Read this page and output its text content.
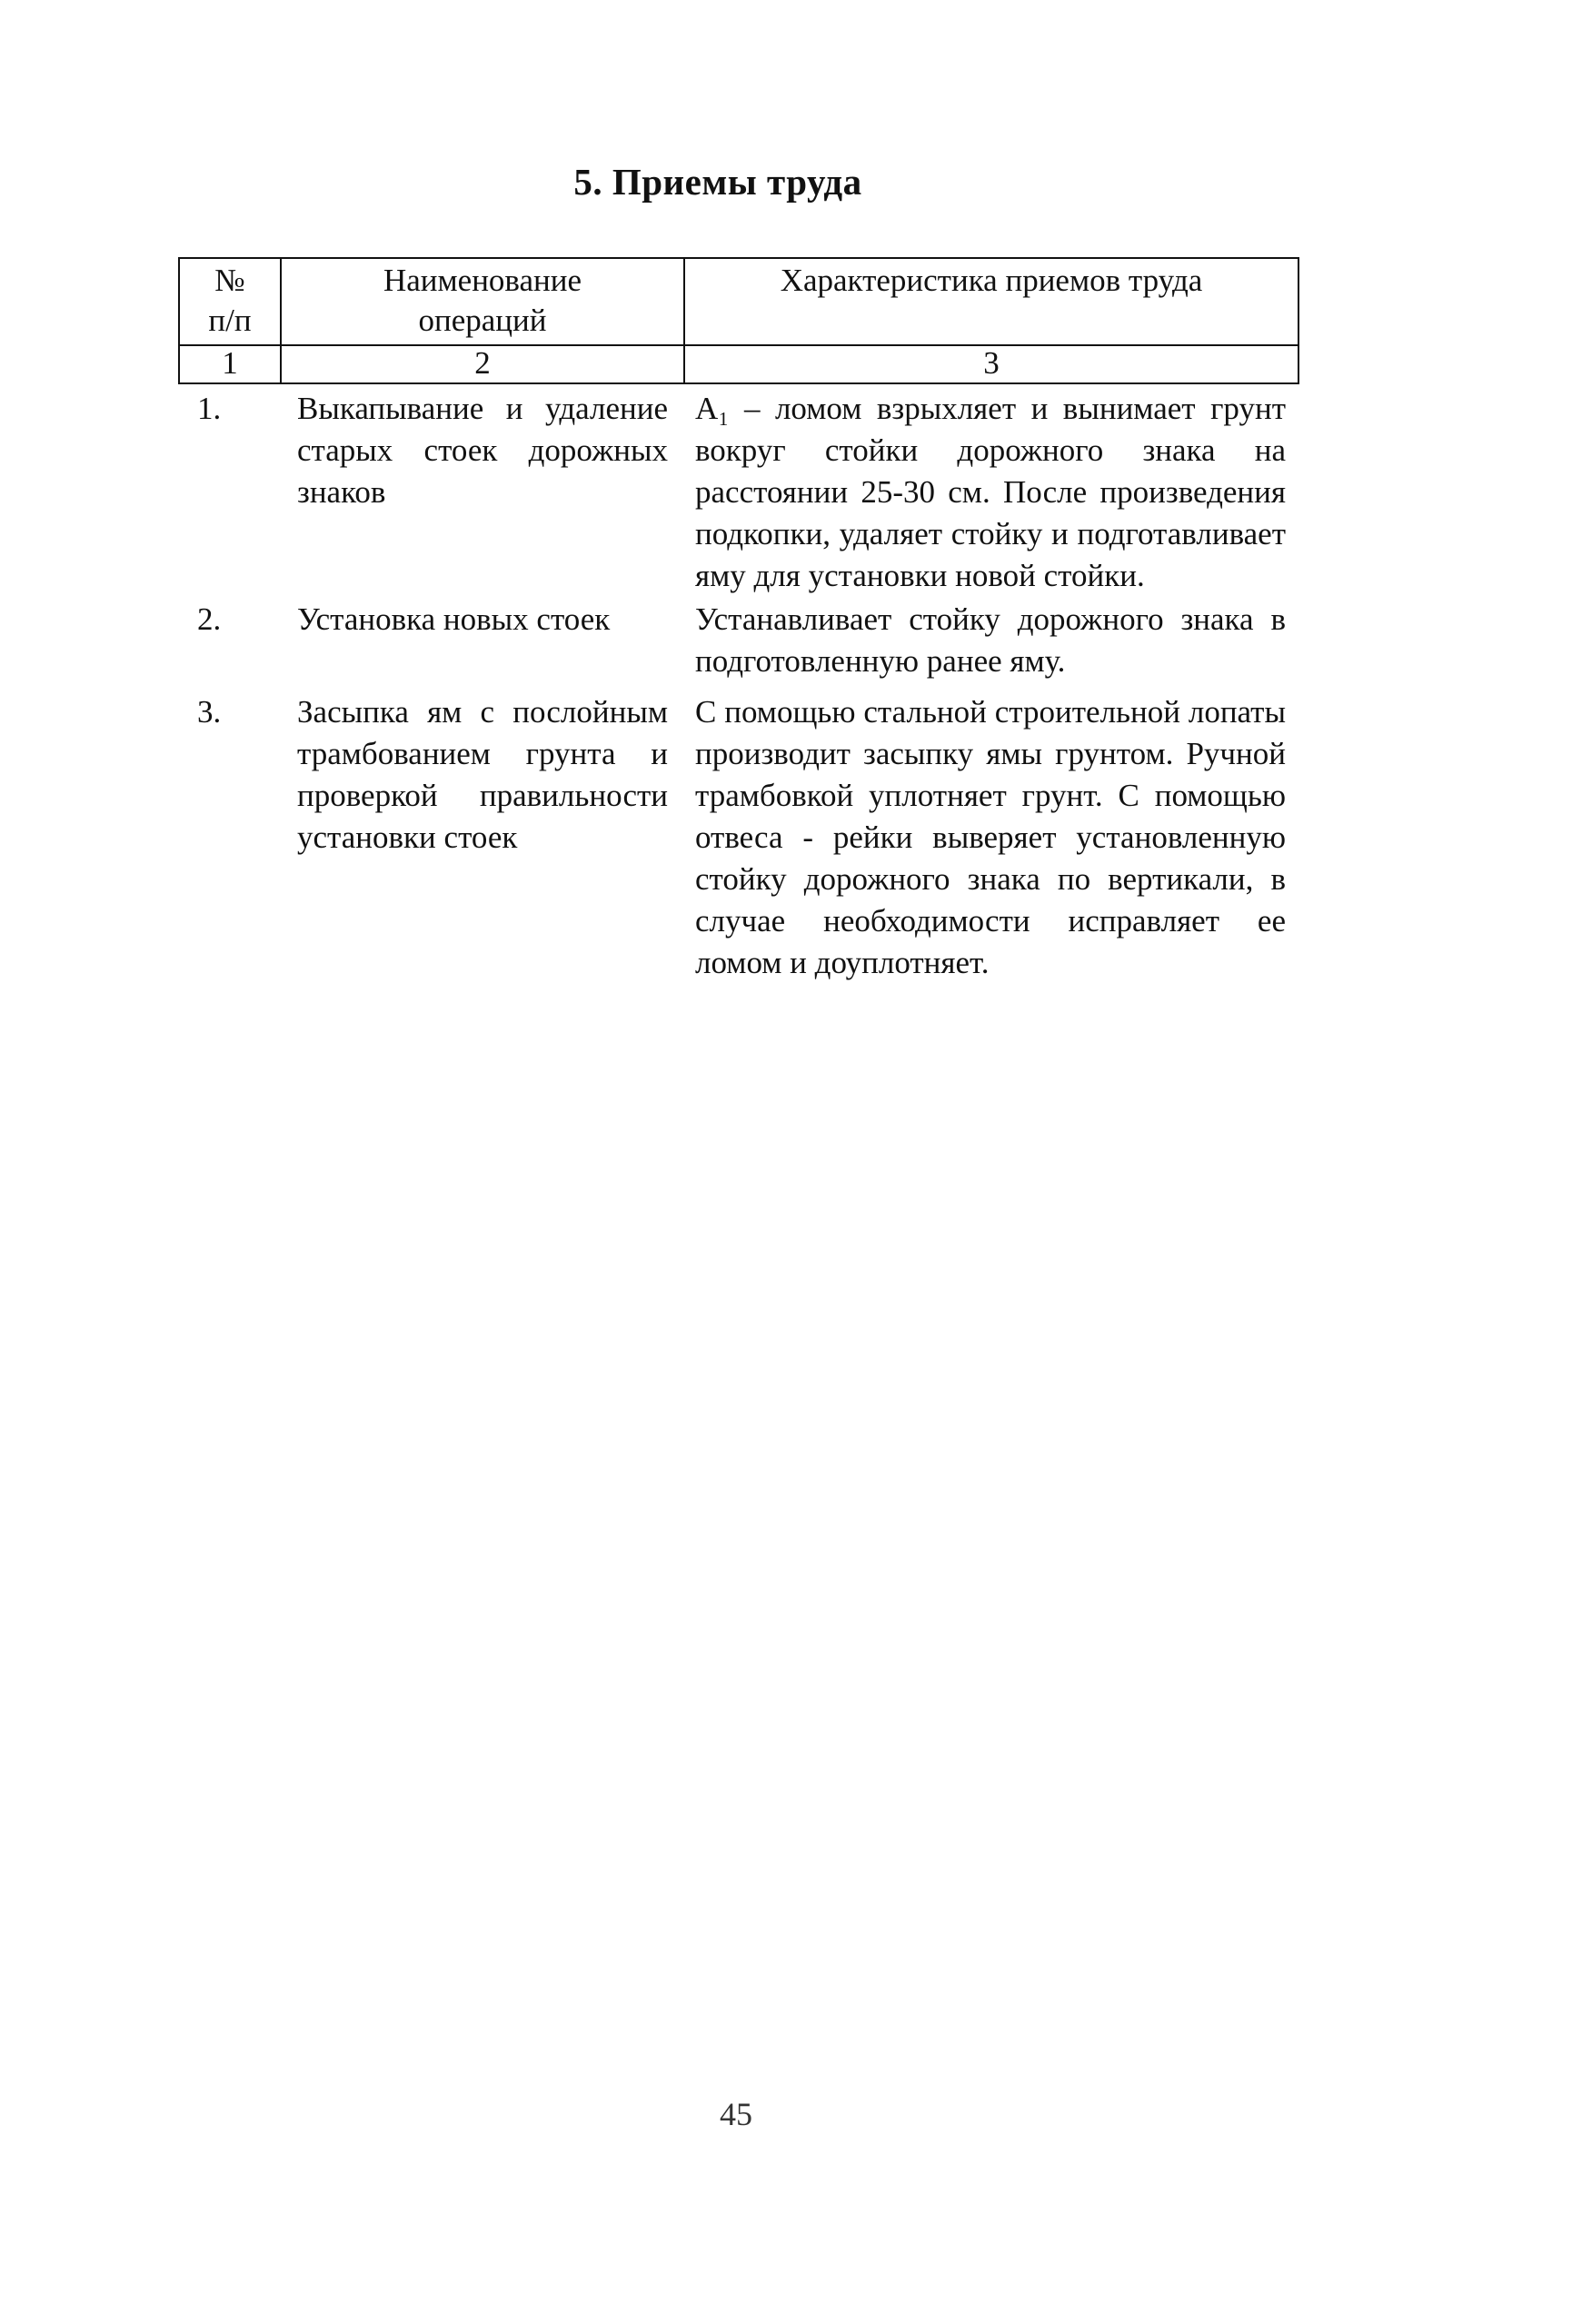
5. Приемы труда
№
п/п	Наименование операций	Характеристика приемов труда
1	2	3
1.	Выкапывание и удаление старых стоек дорожных знаков	А₁ – ломом взрыхляет и вынимает грунт вокруг стойки дорожного знака на расстоянии 25-30 см. После произведения подкопки, удаляет стойку и подготавливает яму для установки новой стойки.
2.	Установка новых стоек	Устанавливает стойку дорожного знака в подготовленную ранее яму.
3.	Засыпка ям с послойным трамбованием грунта и проверкой правильности установки стоек	С помощью стальной строительной лопаты производит засыпку ямы грунтом. Ручной трамбовкой уплотняет грунт. С помощью отвеса - рейки выверяет установленную стойку дорожного знака по вертикали, в случае необходимости исправляет ее ломом и доуплотняет.
45
